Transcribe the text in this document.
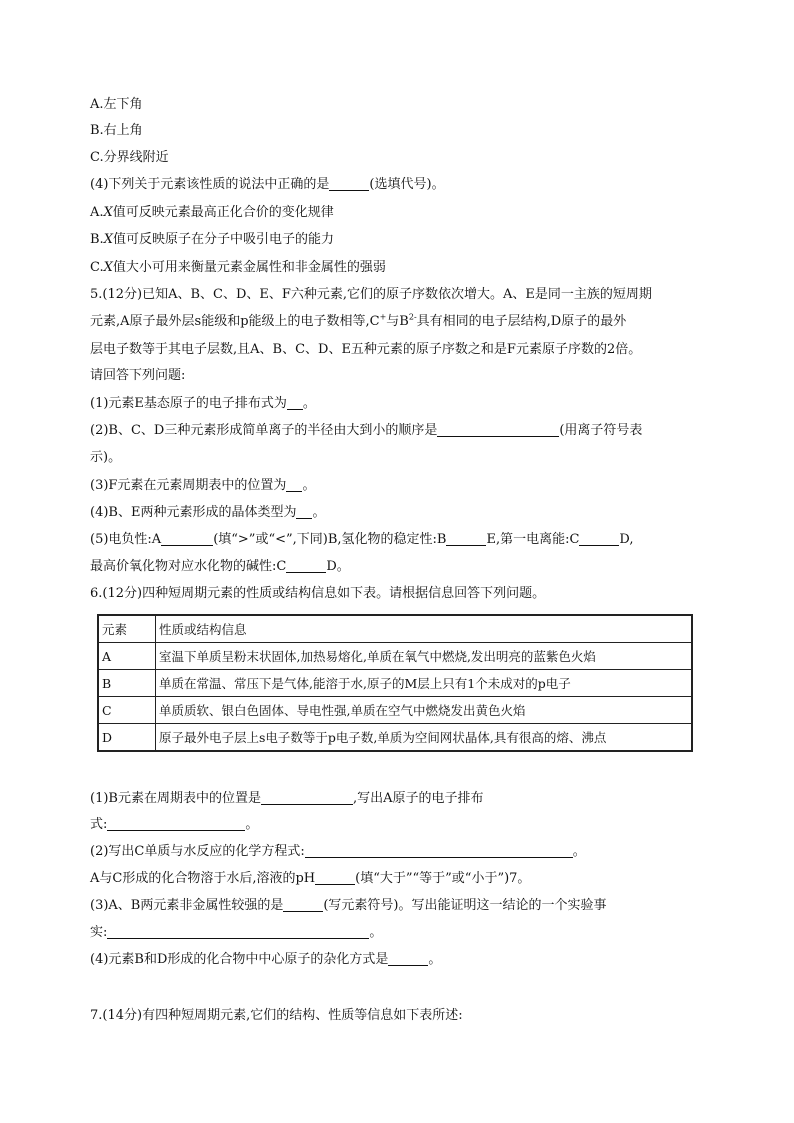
A.左下角
B.右上角
C.分界线附近
(4)下列关于元素该性质的说法中正确的是	(选填代号)。
A.X值可反映元素最高正化合价的变化规律
B.X值可反映原子在分子中吸引电子的能力
C.X值大小可用来衡量元素金属性和非金属性的强弱
5.(12分)已知A、B、C、D、E、F六种元素,它们的原子序数依次增大。A、E是同一主族的短周期
元素,A原子最外层s能级和p能级上的电子数相等,C+与$B^{2-}$具有相同的电子层结构,D原子的最外
层电子数等于其电子层数,且A、B、C、D、E五种元素的原子序数之和是F元素原子序数的2倍。
请回答下列问题:
(1)元素E基态原子的电子排布式为 。
(2)B、C、D三种元素形成简单离子的半径由大到小的顺序是	(用离子符号表
示)。
(3)F元素在元素周期表中的位置为 。
(4)B、E两种元素形成的晶体类型为 。
(5)电负性:A	(填“>”或“<”,下同)B,氢化物的稳定性:B	E,第一电离能:C	D,
最高价氧化物对应水化物的碱性:C	D。
6.(12分)四种短周期元素的性质或结构信息如下表。请根据信息回答下列问题。
元素	性质或结构信息
A	室温下单质呈粉末状固体,加热易熔化,单质在氧气中燃烧,发出明亮的蓝紫色火焰
B	单质在常温、常压下是气体,能溶于水,原子的M层上只有1个未成对的p电子
C	单质质软、银白色固体、导电性强,单质在空气中燃烧发出黄色火焰
D	原子最外电子层上s电子数等于p电子数,单质为空间网状晶体,具有很高的熔、沸点
(1)B元素在周期表中的位置是	,写出A原子的电子排布
式:	。
(2)写出C单质与水反应的化学方程式:	。
A与C形成的化合物溶于水后,溶液的pH	(填“大于”“等于”或“小于”)7。
(3)A、B两元素非金属性较强的是	(写元素符号)。写出能证明这一结论的一个实验事
实:	。
(4)元素B和D形成的化合物中中心原子的杂化方式是	。
7.(14分)有四种短周期元素,它们的结构、性质等信息如下表所述:
